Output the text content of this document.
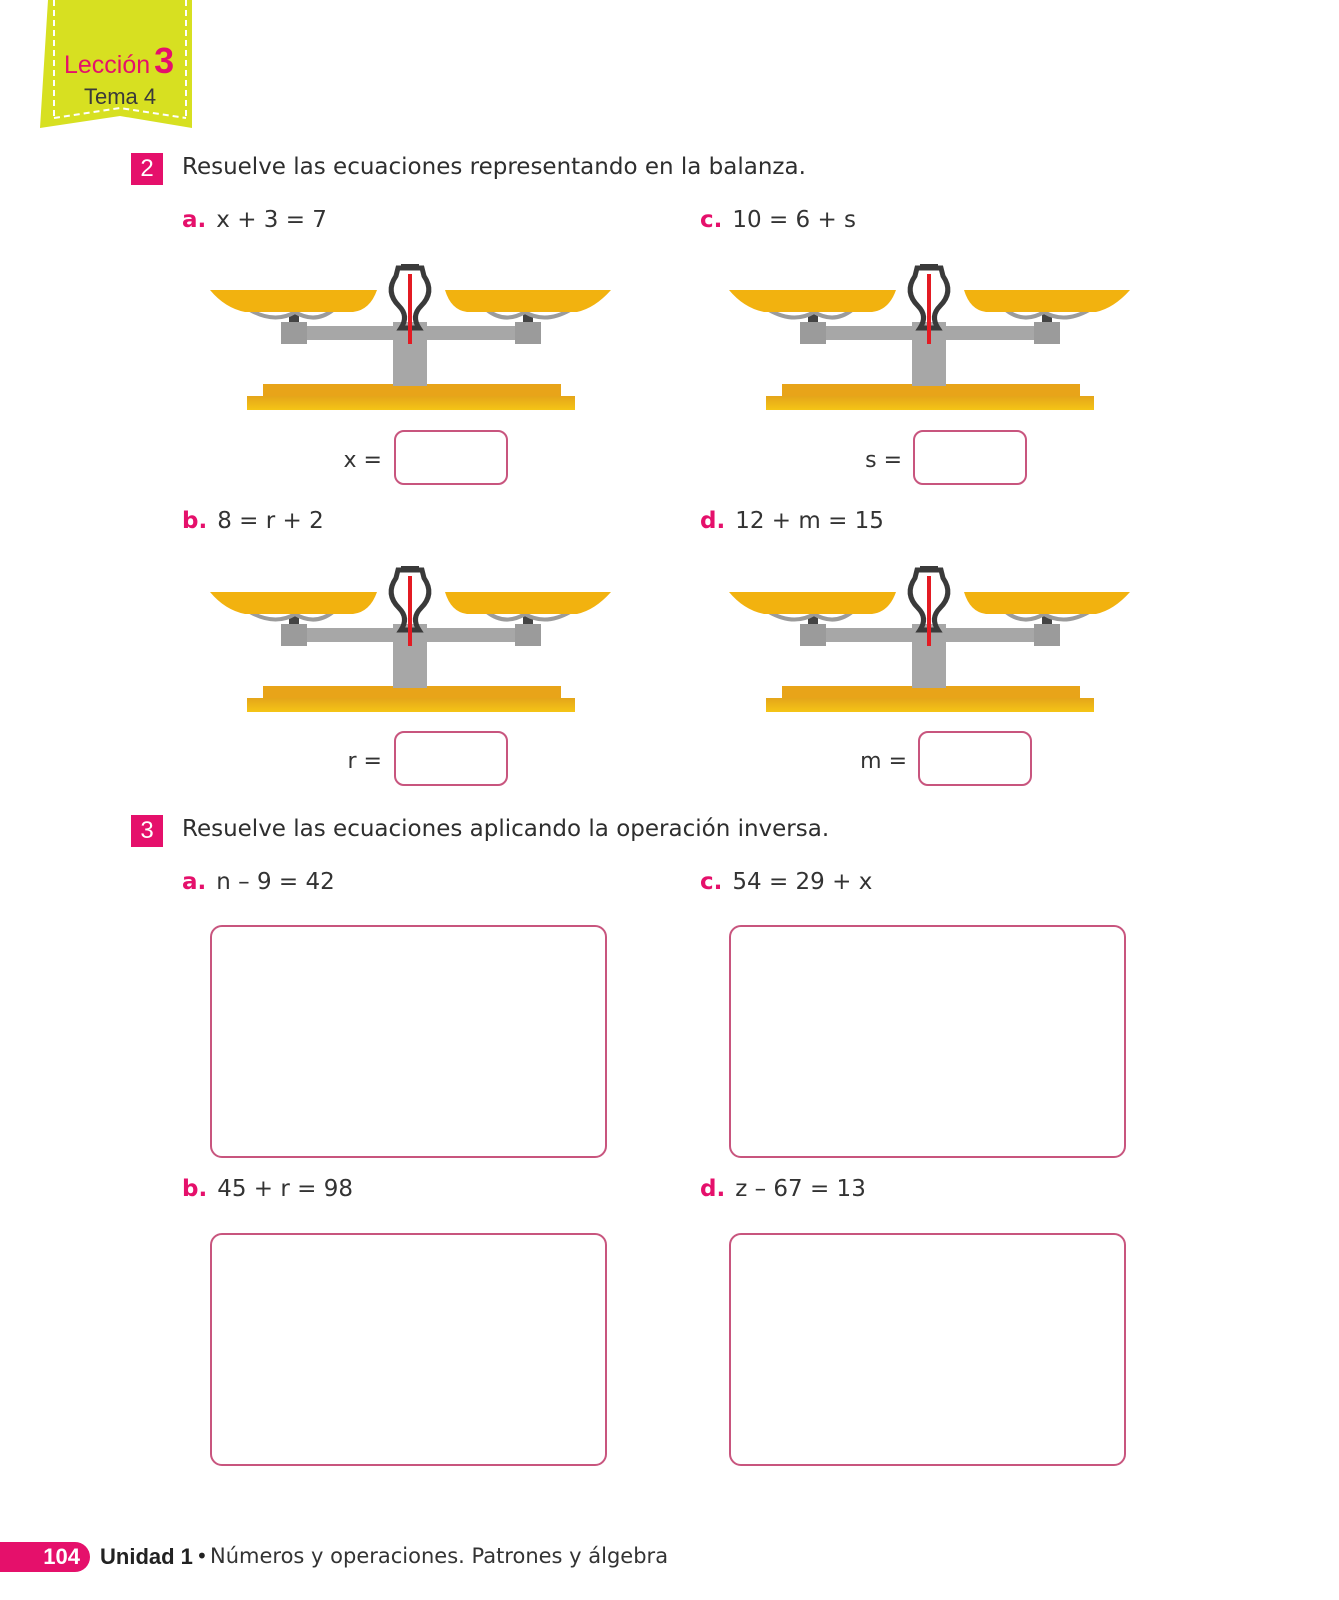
Lección 3
Tema 4
2	Resuelve las ecuaciones representando en la balanza.
a. x + 3 = 7	c. 10 = 6 + s
b. 8 = r + 2	d. 12 + m = 15
x =	s =
r =	m =
3	Resuelve las ecuaciones aplicando la operación inversa.
a. n – 9 = 42	c. 54 = 29 + x
b. 45 + r = 98	d. z – 67 = 13
104 Unidad 1 • Números y operaciones. Patrones y álgebra
